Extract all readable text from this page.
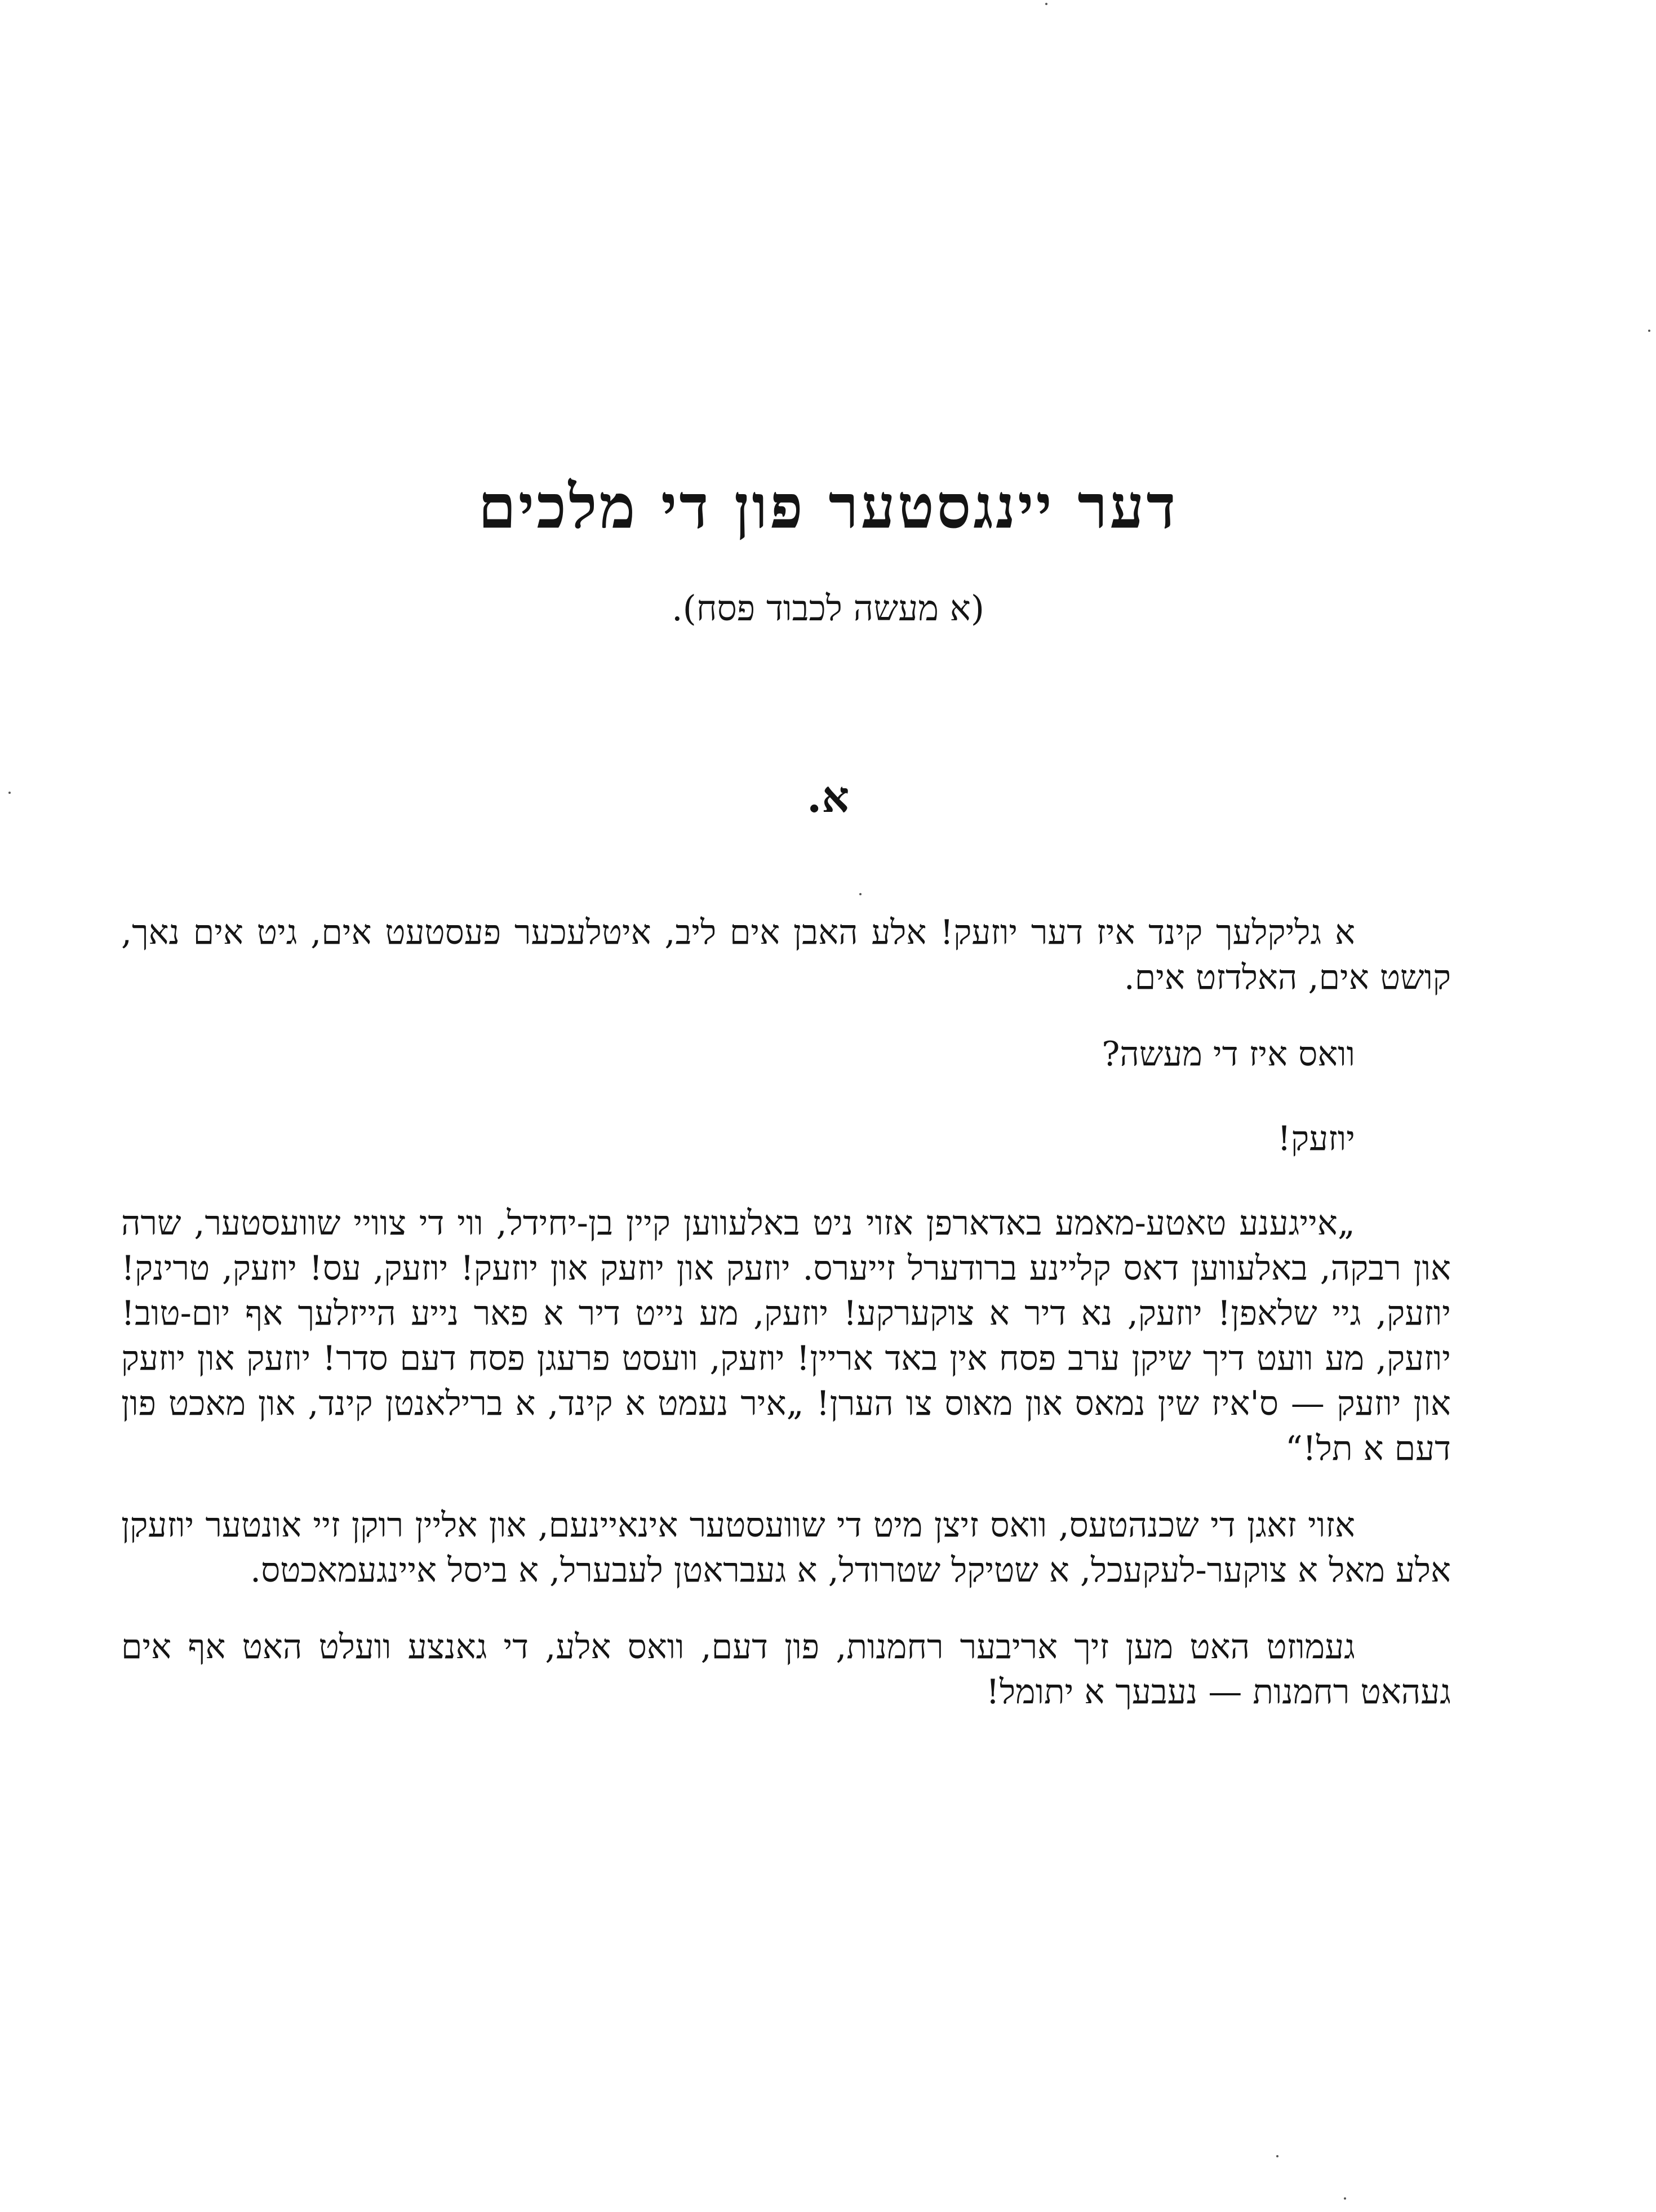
דער יינגסטער פון די מלכים
(א מעשה לכבוד פסח).
א.

א גליקלעך קינד איז דער יוזעק! אלע האבן אים ליב, איטלעכער פעסטעט אים, גיט אים נאך, קושט אים, האלדזט אים.

וואס איז די מעשה?

יוזעק!

„אייגענע טאטע-מאמע באדארפן אזוי ניט באלעווען קיין בן-יחידל, ווי די צוויי שוועסטער, שרה און רבקה, באלעווען דאס קליינע ברודערל זייערס. יוזעק און יוזעק און יוזעק! יוזעק, עס! יוזעק, טרינק! יוזעק, גיי שלאפן! יוזעק, נא דיר א צוקערקע! יוזעק, מע נייט דיר א פאר נייע הייזלעך אף יום-טוב! יוזעק, מע וועט דיך שיקן ערב פסח אין באד אריין! יוזעק, וועסט פרעגן פסח דעם סדר! יוזעק און יוזעק און יוזעק — ס'איז שין נמאס און מאוס צו הערן! „איר נעמט א קינד, א ברילאנטן קינד, און מאכט פון דעם א תל!“

אזוי זאגן די שכנהטעס, וואס זיצן מיט די שוועסטער אינאיינעם, און אליין רוקן זיי אונטער יוזעקן אלע מאל א צוקער-לעקעכל, א שטיקל שטרודל, א געבראטן לעבערל, א ביסל איינגעמאכטס.

געמוזט האט מען זיך אריבער רחמנות, פון דעם, וואס אלע, די גאנצע וועלט האט אף אים געהאט רחמנות — נעבעך א יתומל!
